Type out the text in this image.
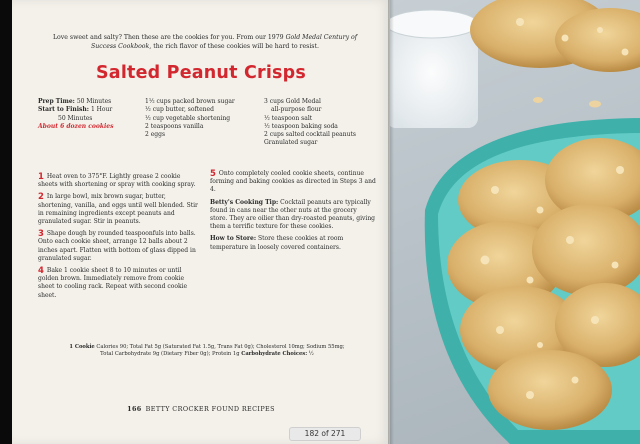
Love sweet and salty? Then these are the cookies for you. From our 1979 Gold Medal Century of Success Cookbook, the rich flavor of these cookies will be hard to resist.

Salted Peanut Crisps
Prep Time: 50 Minutes
Start to Finish: 1 Hour
50 Minutes
About 6 dozen cookies
1½ cups packed brown sugar
½ cup butter, softened
½ cup vegetable shortening
2 teaspoons vanilla
2 eggs
3 cups Gold Medal
all-purpose flour
½ teaspoon salt
½ teaspoon baking soda
2 cups salted cocktail peanuts
Granulated sugar

1 Heat oven to 375°F. Lightly grease 2 cookie sheets with shortening or spray with cooking spray.

2 In large bowl, mix brown sugar, butter, shortening, vanilla, and eggs until well blended. Stir in remaining ingredients except peanuts and granulated sugar. Stir in peanuts.

3 Shape dough by rounded teaspoonfuls into balls. Onto each cookie sheet, arrange 12 balls about 2 inches apart. Flatten with bottom of glass dipped in granulated sugar.

4 Bake 1 cookie sheet 8 to 10 minutes or until golden brown. Immediately remove from cookie sheet to cooling rack. Repeat with second cookie sheet.

5 Onto completely cooled cookie sheets, continue forming and baking cookies as directed in Steps 3 and 4.

Betty's Cooking Tip: Cocktail peanuts are typically found in cans near the other nuts at the grocery store. They are oilier than dry-roasted peanuts, giving them a terrific texture for these cookies.

How to Store: Store these cookies at room temperature in loosely covered containers.

1 Cookie Calories 90; Total Fat 5g (Saturated Fat 1.5g, Trans Fat 0g); Cholesterol 10mg; Sodium 55mg;
Total Carbohydrate 9g (Dietary Fiber 0g); Protein 1g Carbohydrate Choices: ½
166 BETTY CROCKER FOUND RECIPES
182 of 271
